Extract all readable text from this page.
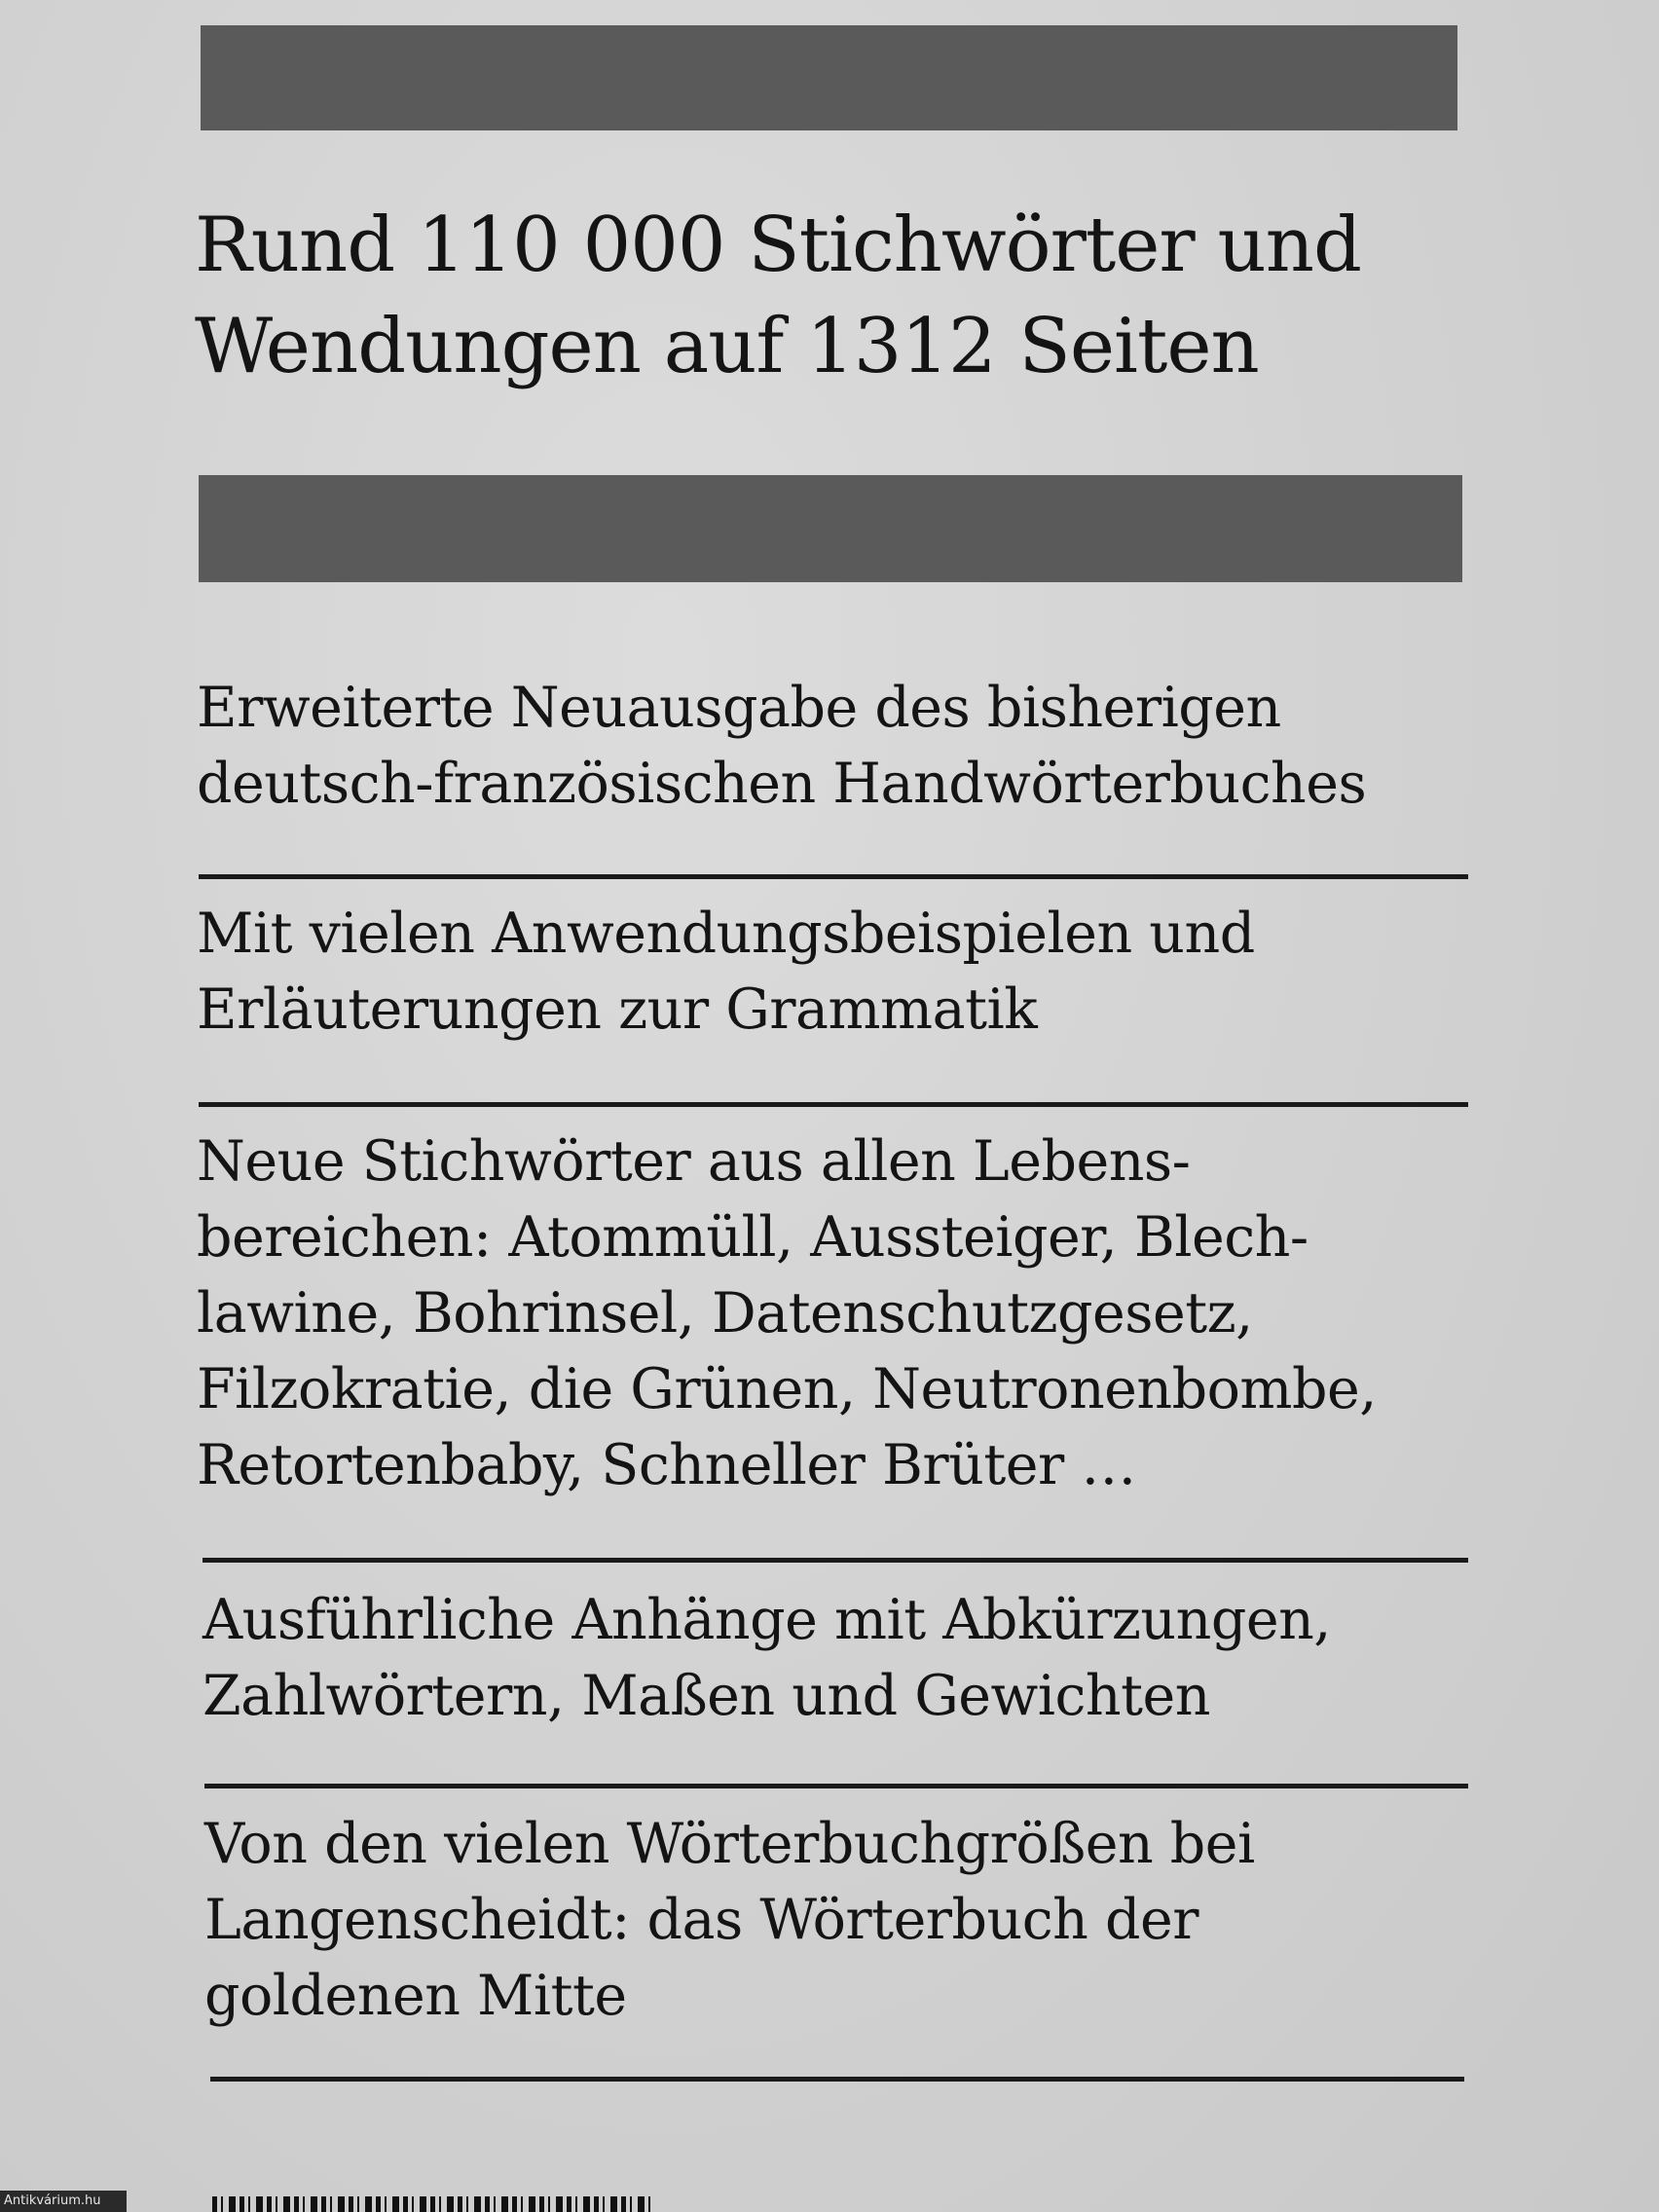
Rund 110 000 Stichwörter und
Wendungen auf 1312 Seiten

Erweiterte Neuausgabe des bisherigen
deutsch-französischen Handwörterbuches

Mit vielen Anwendungsbeispielen und
Erläuterungen zur Grammatik

Neue Stichwörter aus allen Lebens-
bereichen: Atommüll, Aussteiger, Blech-
lawine, Bohrinsel, Datenschutzgesetz,
Filzokratie, die Grünen, Neutronenbombe,
Retortenbaby, Schneller Brüter …

Ausführliche Anhänge mit Abkürzungen,
Zahlwörtern, Maßen und Gewichten

Von den vielen Wörterbuchgrößen bei
Langenscheidt: das Wörterbuch der
goldenen Mitte

Antikvárium.hu
